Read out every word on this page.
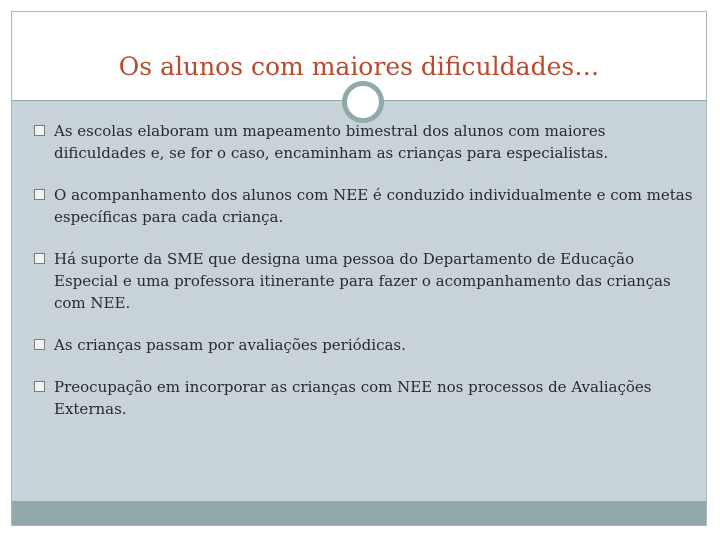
Os alunos com maiores dificuldades…
As escolas elaboram um mapeamento bimestral dos alunos com maiores dificuldades e, se for o caso, encaminham as crianças para especialistas.
O acompanhamento dos alunos com NEE é conduzido individualmente e com metas específicas para cada criança.
Há suporte da SME que designa uma pessoa do Departamento de Educação Especial e uma professora itinerante para fazer o acompanhamento das crianças com NEE.
As crianças passam por avaliações periódicas.
Preocupação em incorporar as crianças com NEE nos processos de Avaliações Externas.
